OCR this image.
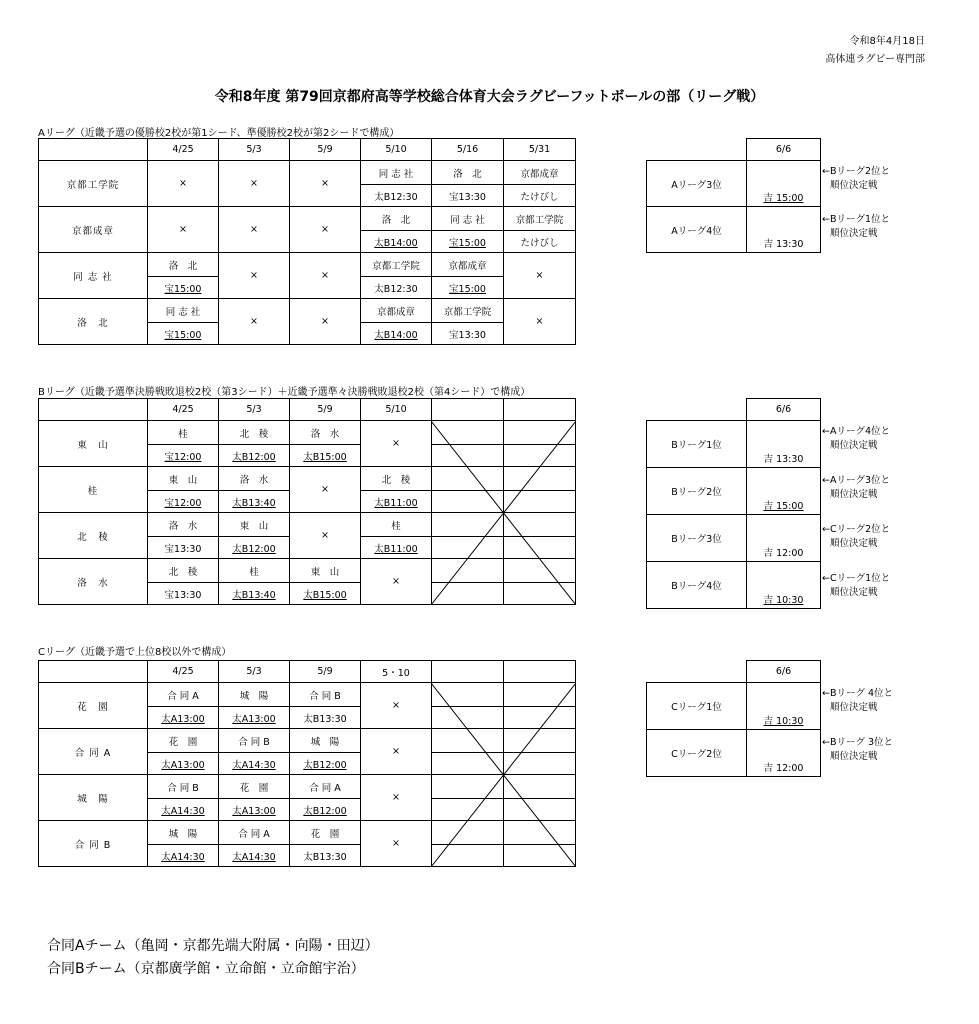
令和8年4月18日
高体連ラグビー専門部
令和8年度 第79回京都府高等学校総合体育大会ラグビーフットボールの部（リーグ戦）
Aリーグ（近畿予選の優勝校2校が第1シード、準優勝校2校が第2シードで構成）
	4/25	5/3	5/9	5/10	5/16	5/31
京都工学院	×	×	×	同 志 社	洛　北	京都成章
				太B12:30	宝13:30	たけびし
京都成章	×	×	×	洛　北	同 志 社	京都工学院
				太B14:00	宝15:00	たけびし
同 志 社	洛　北	×	×	京都工学院	京都成章	×
	宝15:00			太B12:30	宝15:00	
洛　北	同 志 社	×	×	京都成章	京都工学院	×
	宝15:00			太B14:00	宝13:30	
	6/6
Aリーグ3位	吉 15:00
Aリーグ4位	吉 13:30
←Bリーグ2位と
順位決定戦
←Bリーグ1位と
順位決定戦
Bリーグ（近畿予選準決勝戦敗退校2校（第3シード）＋近畿予選準々決勝戦敗退校2校（第4シード）で構成）
	4/25	5/3	5/9	5/10		
東　山	桂	北　稜	洛　水	×		
	宝12:00	太B12:00	太B15:00			
桂	東　山	洛　水	×	北　稜		
	宝12:00	太B13:40		太B11:00		
北　稜	洛　水	東　山	×	桂		
	宝13:30	太B12:00		太B11:00		
洛　水	北　稜	桂	東　山	×		
	宝13:30	太B13:40	太B15:00			
	6/6
Bリーグ1位	吉 13:30
Bリーグ2位	吉 15:00
Bリーグ3位	吉 12:00
Bリーグ4位	吉 10:30
←Aリーグ4位と
順位決定戦
←Aリーグ3位と
順位決定戦
←Cリーグ2位と
順位決定戦
←Cリーグ1位と
順位決定戦
Cリーグ（近畿予選で上位8校以外で構成）
	4/25	5/3	5/9	5・10		
花　園	合 同 A	城　陽	合 同 B	×		
	太A13:00	太A13:00	太B13:30			
合 同 A	花　園	合 同 B	城　陽	×		
	太A13:00	太A14:30	太B12:00			
城　陽	合 同 B	花　園	合 同 A	×		
	太A14:30	太A13:00	太B12:00			
合 同 B	城　陽	合 同 A	花　園	×		
	太A14:30	太A14:30	太B13:30			
	6/6
Cリーグ1位	吉 10:30
Cリーグ2位	吉 12:00
←Bリーグ 4位と
順位決定戦
←Bリーグ 3位と
順位決定戦
合同Aチーム（亀岡・京都先端大附属・向陽・田辺）
合同Bチーム（京都廣学館・立命館・立命館宇治）
